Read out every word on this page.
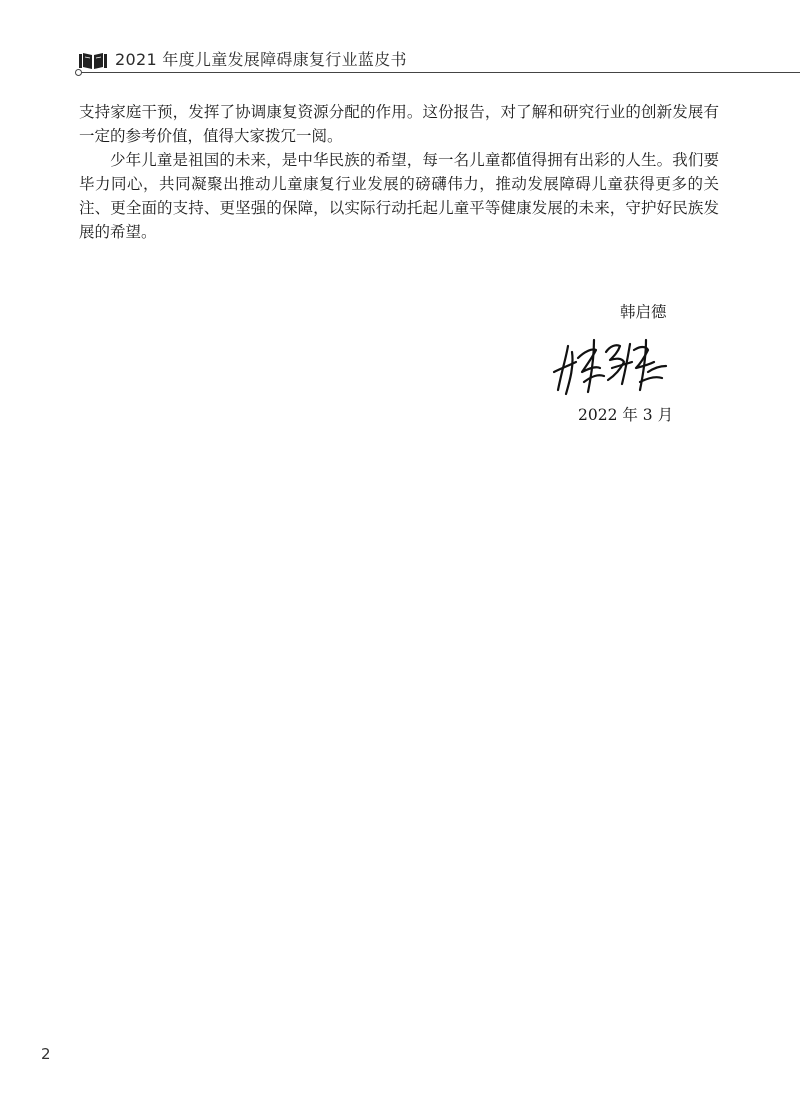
2021 年度儿童发展障碍康复行业蓝皮书

支持家庭干预，发挥了协调康复资源分配的作用。这份报告，对了解和研究行业的创新发展有一定的参考价值，值得大家拨冗一阅。

少年儿童是祖国的未来，是中华民族的希望，每一名儿童都值得拥有出彩的人生。我们要毕力同心，共同凝聚出推动儿童康复行业发展的磅礴伟力，推动发展障碍儿童获得更多的关注、更全面的支持、更坚强的保障，以实际行动托起儿童平等健康发展的未来，守护好民族发展的希望。

韩启德
2022 年 3 月
2
